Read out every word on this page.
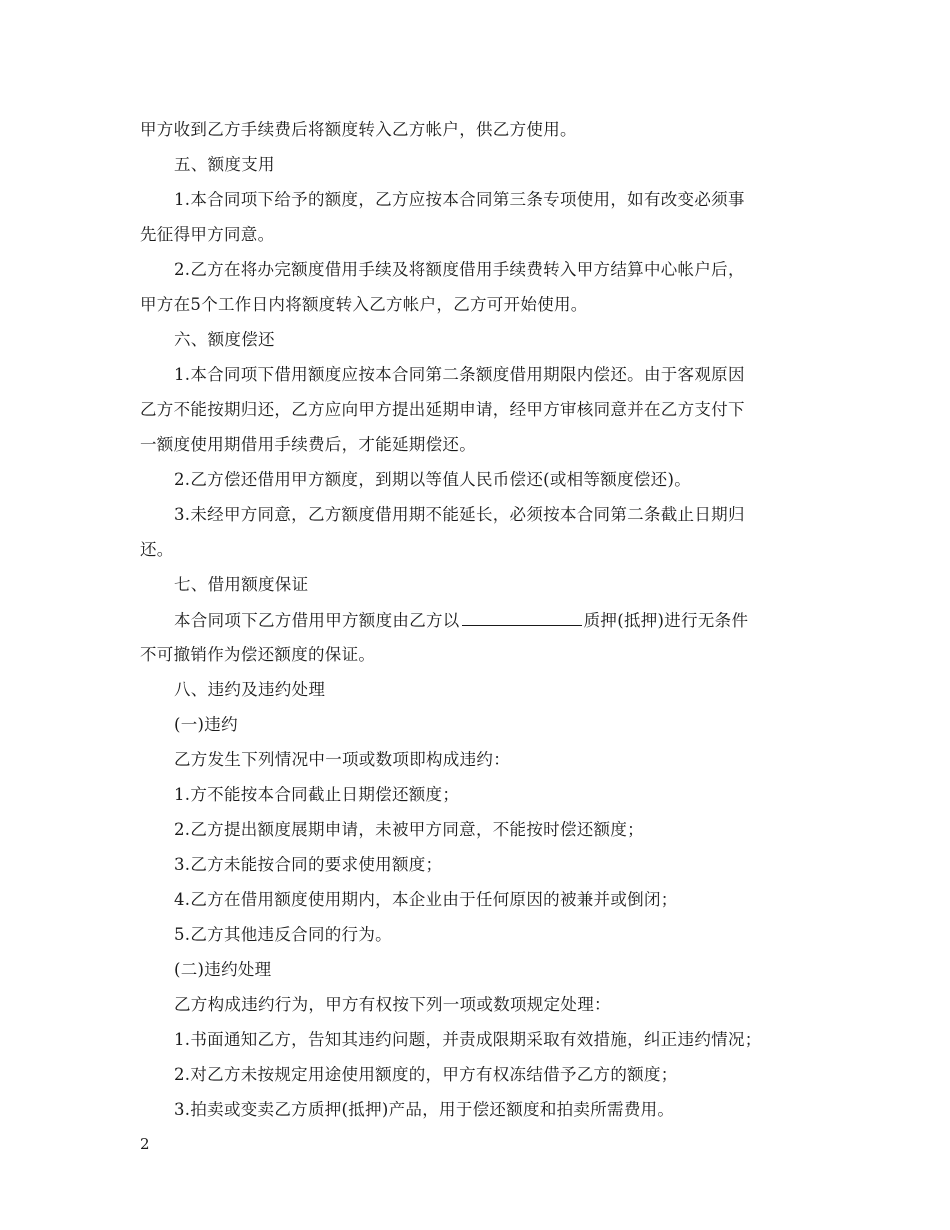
甲方收到乙方手续费后将额度转入乙方帐户，供乙方使用。
五、额度支用
1.本合同项下给予的额度，乙方应按本合同第三条专项使用，如有改变必须事
先征得甲方同意。
2.乙方在将办完额度借用手续及将额度借用手续费转入甲方结算中心帐户后，
甲方在5个工作日内将额度转入乙方帐户，乙方可开始使用。
六、额度偿还
1.本合同项下借用额度应按本合同第二条额度借用期限内偿还。由于客观原因
乙方不能按期归还，乙方应向甲方提出延期申请，经甲方审核同意并在乙方支付下
一额度使用期借用手续费后，才能延期偿还。
2.乙方偿还借用甲方额度，到期以等值人民币偿还(或相等额度偿还)。
3.未经甲方同意，乙方额度借用期不能延长，必须按本合同第二条截止日期归
还。
七、借用额度保证
本合同项下乙方借用甲方额度由乙方以	质押(抵押)进行无条件
不可撤销作为偿还额度的保证。
八、违约及违约处理
(一)违约
乙方发生下列情况中一项或数项即构成违约：
1.方不能按本合同截止日期偿还额度；
2.乙方提出额度展期申请，未被甲方同意，不能按时偿还额度；
3.乙方未能按合同的要求使用额度；
4.乙方在借用额度使用期内，本企业由于任何原因的被兼并或倒闭；
5.乙方其他违反合同的行为。
(二)违约处理
乙方构成违约行为，甲方有权按下列一项或数项规定处理：
1.书面通知乙方，告知其违约问题，并责成限期采取有效措施，纠正违约情况；
2.对乙方未按规定用途使用额度的，甲方有权冻结借予乙方的额度；
3.拍卖或变卖乙方质押(抵押)产品，用于偿还额度和拍卖所需费用。
2
